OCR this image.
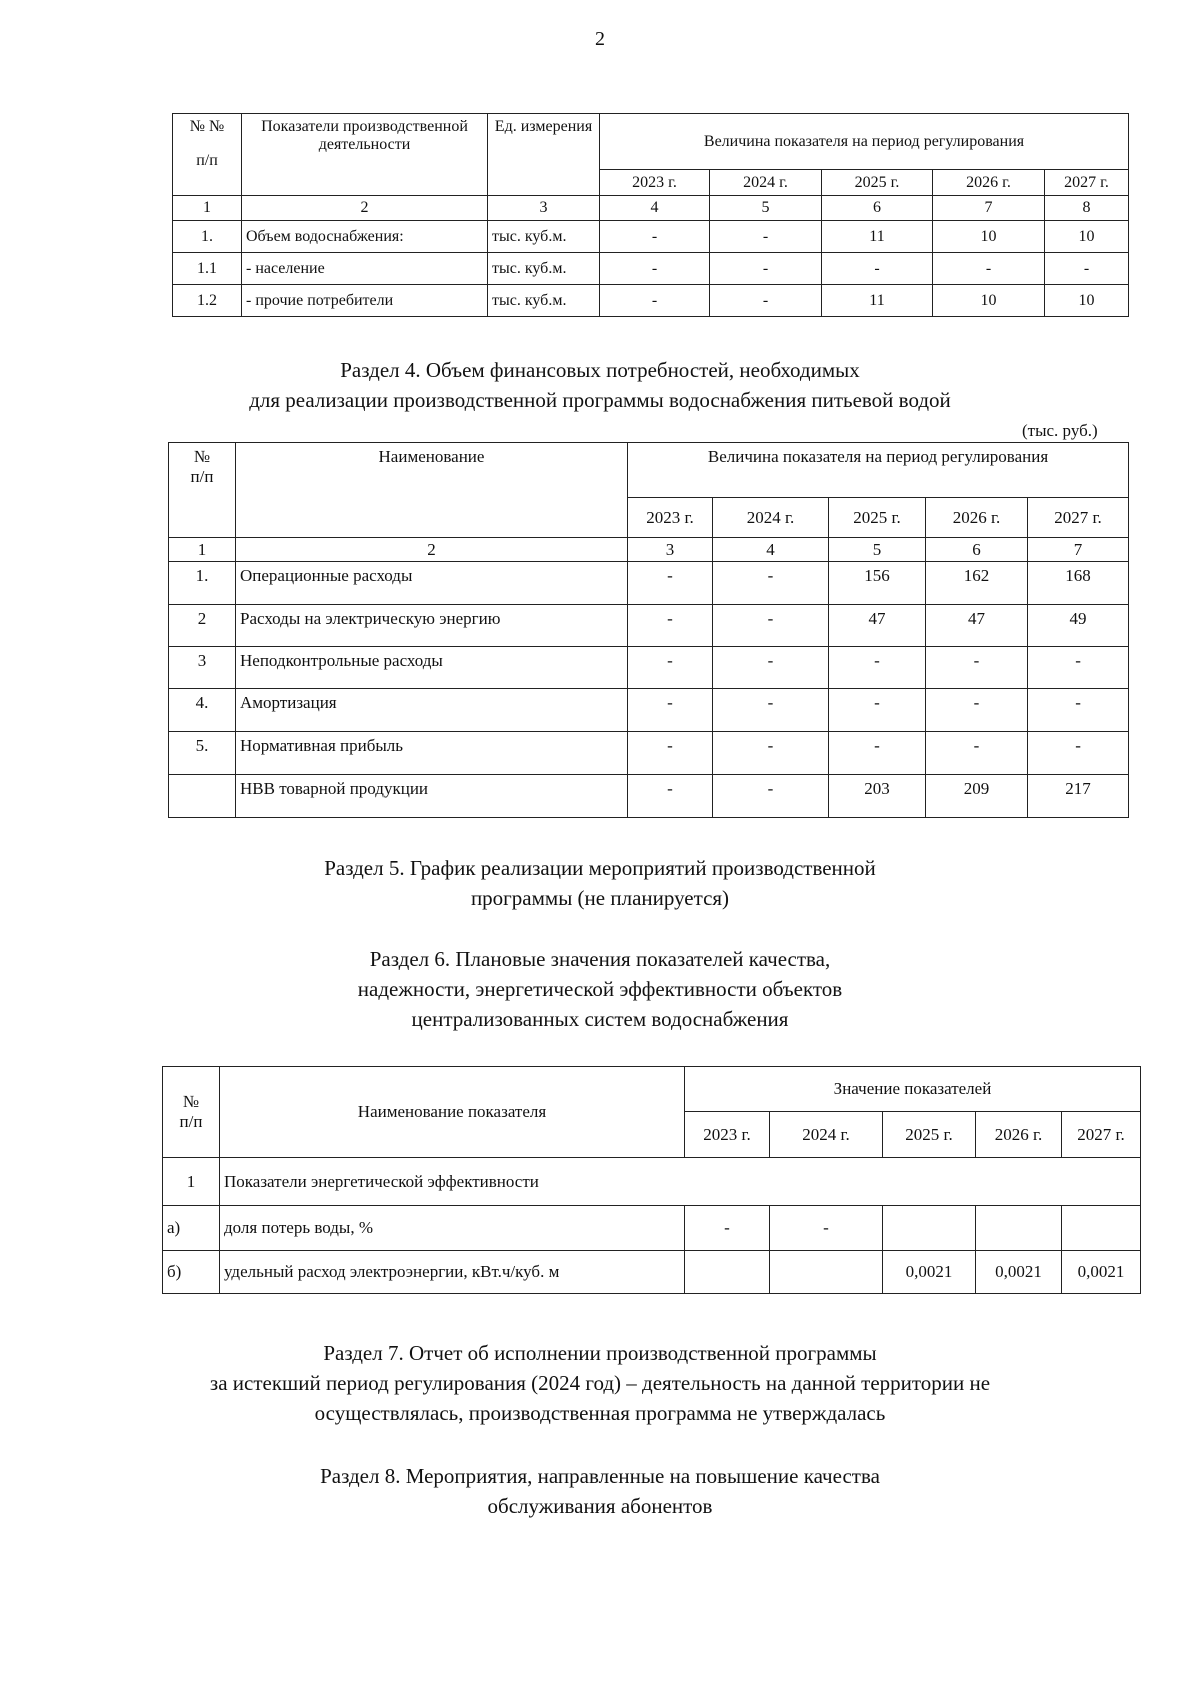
2
№ №
п/п	Показатели производственной деятельности	Ед. измерения	Величина показателя на период регулирования				
			2023 г.	2024 г.	2025 г.	2026 г.	2027 г.
1	2	3	4	5	6	7	8
1.	Объем водоснабжения:	тыс. куб.м.	-	-	11	10	10
1.1	- население	тыс. куб.м.	-	-	-	-	-
1.2	- прочие потребители	тыс. куб.м.	-	-	11	10	10
Раздел 4. Объем финансовых потребностей, необходимых
для реализации производственной программы водоснабжения питьевой водой
(тыс. руб.)
№
п/п	Наименование	Величина показателя на период регулирования				
		2023 г.	2024 г.	2025 г.	2026 г.	2027 г.
1	2	3	4	5	6	7
1.	Операционные расходы	-	-	156	162	168
2	Расходы на электрическую энергию	-	-	47	47	49
3	Неподконтрольные расходы	-	-	-	-	-
4.	Амортизация	-	-	-	-	-
5.	Нормативная прибыль	-	-	-	-	-
	НВВ товарной продукции	-	-	203	209	217
Раздел 5. График реализации мероприятий производственной
программы (не планируется)
Раздел 6. Плановые значения показателей качества,
надежности, энергетической эффективности объектов
централизованных систем водоснабжения
№
п/п	Наименование показателя	Значение показателей				
		2023 г.	2024 г.	2025 г.	2026 г.	2027 г.
1	Показатели энергетической эффективности					
а)	доля потерь воды, %	-	-			
б)	удельный расход электроэнергии, кВт.ч/куб. м			0,0021	0,0021	0,0021
Раздел 7. Отчет об исполнении производственной программы
за истекший период регулирования (2024 год) – деятельность на данной территории не
осуществлялась, производственная программа не утверждалась
Раздел 8. Мероприятия, направленные на повышение качества
обслуживания абонентов
